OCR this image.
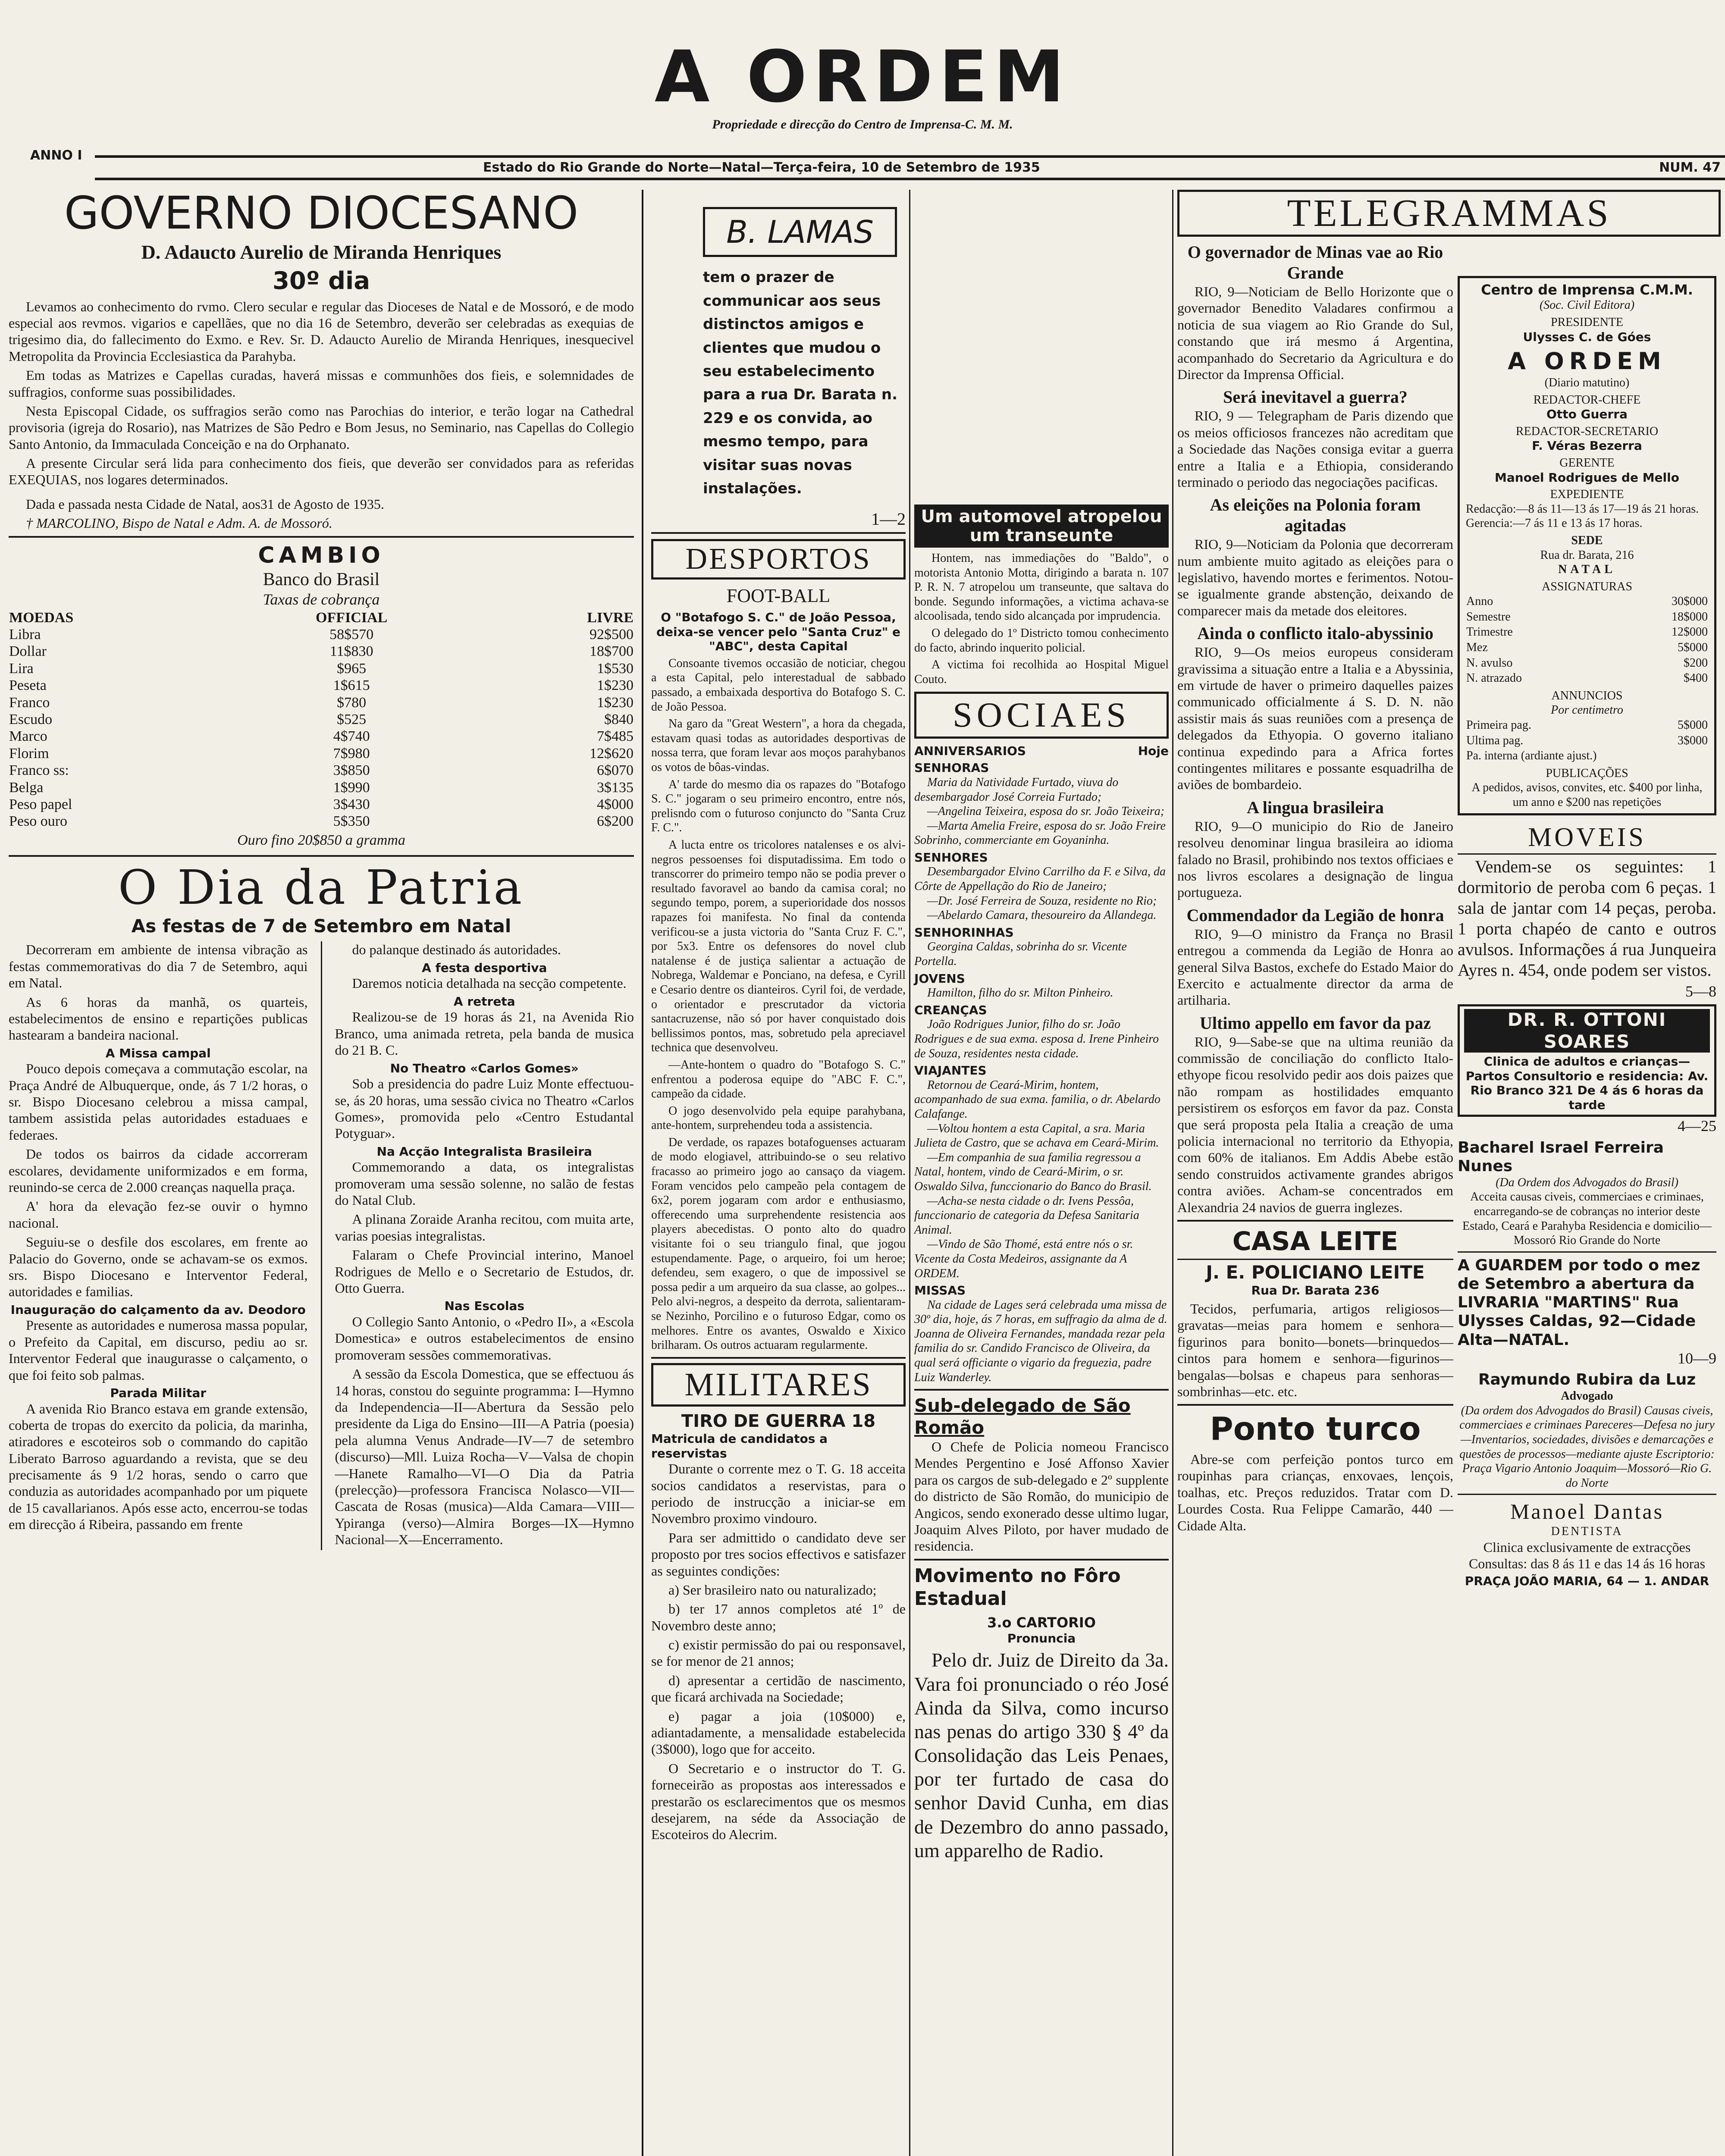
A ORDEM
Propriedade e direcção do Centro de Imprensa-C. M. M.
ANNO I
Estado do Rio Grande do Norte—Natal—Terça-feira, 10 de Setembro de 1935	NUM. 47
GOVERNO DIOCESANO
D. Adaucto Aurelio de Miranda Henriques
30º dia

Levamos ao conhecimento do rvmo. Clero secular e regular das Dioceses de Natal e de Mossoró, e de modo especial aos revmos. vigarios e capellães, que no dia 16 de Setembro, deverão ser celebradas as exequias de trigesimo dia, do fallecimento do Exmo. e Rev. Sr. D. Adaucto Aurelio de Miranda Henriques, inesquecivel Metropolita da Provincia Ecclesiastica da Parahyba.

Em todas as Matrizes e Capellas curadas, haverá missas e communhões dos fieis, e solemnidades de suffragios, conforme suas possibilidades.

Nesta Episcopal Cidade, os suffragios serão como nas Parochias do interior, e terão logar na Cathedral provisoria (igreja do Rosario), nas Matrizes de São Pedro e Bom Jesus, no Seminario, nas Capellas do Collegio Santo Antonio, da Immaculada Conceição e na do Orphanato.

A presente Circular será lida para conhecimento dos fieis, que deverão ser convidados para as referidas EXEQUIAS, nos logares determinados.

Dada e passada nesta Cidade de Natal, aos31 de Agosto de 1935.

† MARCOLINO, Bispo de Natal e Adm. A. de Mossoró.

CAMBIO
Banco do Brasil
Taxas de cobrança
MOEDAS	OFFICIAL	LIVRE
Libra	58$570	92$500
Dollar	11$830	18$700
Lira	$965	1$530
Peseta	1$615	1$230
Franco	$780	1$230
Escudo	$525	$840
Marco	4$740	7$485
Florim	7$980	12$620
Franco ss:	3$850	6$070
Belga	1$990	3$135
Peso papel	3$430	4$000
Peso ouro	5$350	6$200
Ouro fino 20$850 a gramma
O Dia da Patria
As festas de 7 de Setembro em Natal

Decorreram em ambiente de intensa vibração as festas commemorativas do dia 7 de Setembro, aqui em Natal.

As 6 horas da manhã, os quarteis, estabelecimentos de ensino e repartições publicas hastearam a bandeira nacional.

A Missa campal

Pouco depois começava a commutação escolar, na Praça André de Albuquerque, onde, ás 7 1/2 horas, o sr. Bispo Diocesano celebrou a missa campal, tambem assistida pelas autoridades estaduaes e federaes.

De todos os bairros da cidade accorreram escolares, devidamente uniformizados e em forma, reunindo-se cerca de 2.000 creanças naquella praça.

A' hora da elevação fez-se ouvir o hymno nacional.

Seguiu-se o desfile dos escolares, em frente ao Palacio do Governo, onde se achavam-se os exmos. srs. Bispo Diocesano e Interventor Federal, autoridades e familias.

Inauguração do calçamento da av. Deodoro

Presente as autoridades e numerosa massa popular, o Prefeito da Capital, em discurso, pediu ao sr. Interventor Federal que inaugurasse o calçamento, o que foi feito sob palmas.

Parada Militar

A avenida Rio Branco estava em grande extensão, coberta de tropas do exercito da policia, da marinha, atiradores e escoteiros sob o commando do capitão Liberato Barroso aguardando a revista, que se deu precisamente ás 9 1/2 horas, sendo o carro que conduzia as autoridades acompanhado por um piquete de 15 cavallarianos. Após esse acto, encerrou-se todas em direcção á Ribeira, passando em frente

do palanque destinado ás autoridades.

A festa desportiva

Daremos noticia detalhada na secção competente.

A retreta

Realizou-se de 19 horas ás 21, na Avenida Rio Branco, uma animada retreta, pela banda de musica do 21 B. C.

No Theatro «Carlos Gomes»

Sob a presidencia do padre Luiz Monte effectuou-se, ás 20 horas, uma sessão civica no Theatro «Carlos Gomes», promovida pelo «Centro Estudantal Potyguar».

Na Acção Integralista Brasileira

Commemorando a data, os integralistas promoveram uma sessão solenne, no salão de festas do Natal Club.

A plinana Zoraide Aranha recitou, com muita arte, varias poesias integralistas.

Falaram o Chefe Provincial interino, Manoel Rodrigues de Mello e o Secretario de Estudos, dr. Otto Guerra.

Nas Escolas

O Collegio Santo Antonio, o «Pedro II», a «Escola Domestica» e outros estabelecimentos de ensino promoveram sessões commemorativas.

A sessão da Escola Domestica, que se effectuou ás 14 horas, constou do seguinte programma: I—Hymno da Independencia—II—Abertura da Sessão pelo presidente da Liga do Ensino—III—A Patria (poesia) pela alumna Venus Andrade—IV—7 de setembro (discurso)—Mll. Luiza Rocha—V—Valsa de chopin—Hanete Ramalho—VI—O Dia da Patria (prelecção)—professora Francisca Nolasco—VII—Cascata de Rosas (musica)—Alda Camara—VIII—Ypiranga (verso)—Almira Borges—IX—Hymno Nacional—X—Encerramento.

B. LAMAS
tem o prazer de communicar aos seus distinctos amigos e clientes que mudou o seu estabelecimento para a rua Dr. Barata n. 229 e os convida, ao mesmo tempo, para visitar suas novas instalações.
1—2
DESPORTOS
FOOT-BALL
O "Botafogo S. C." de João Pessoa, deixa-se vencer pelo "Santa Cruz" e "ABC", desta Capital

Consoante tivemos occasião de noticiar, chegou a esta Capital, pelo interestadual de sabbado passado, a embaixada desportiva do Botafogo S. C. de João Pessoa.

Na garo da "Great Western", a hora da chegada, estavam quasi todas as autoridades desportivas de nossa terra, que foram levar aos moços parahybanos os votos de bôas-vindas.

A' tarde do mesmo dia os rapazes do "Botafogo S. C." jogaram o seu primeiro encontro, entre nós, prelisndo com o futuroso conjuncto do "Santa Cruz F. C.".

A lucta entre os tricolores natalenses e os alvi-negros pessoenses foi disputadissima. Em todo o transcorrer do primeiro tempo não se podia prever o resultado favoravel ao bando da camisa coral; no segundo tempo, porem, a superioridade dos nossos rapazes foi manifesta. No final da contenda verificou-se a justa victoria do "Santa Cruz F. C.", por 5x3. Entre os defensores do novel club natalense é de justiça salientar a actuação de Nobrega, Waldemar e Ponciano, na defesa, e Cyrill e Cesario dentre os dianteiros. Cyril foi, de verdade, o orientador e prescrutador da victoria santacruzense, não só por haver conquistado dois bellissimos pontos, mas, sobretudo pela apreciavel technica que desenvolveu.

—Ante-hontem o quadro do "Botafogo S. C." enfrentou a poderosa equipe do "ABC F. C.", campeão da cidade.

O jogo desenvolvido pela equipe parahybana, ante-hontem, surprehendeu toda a assistencia.

De verdade, os rapazes botafoguenses actuaram de modo elogiavel, attribuindo-se o seu relativo fracasso ao primeiro jogo ao cansaço da viagem. Foram vencidos pelo campeão pela contagem de 6x2, porem jogaram com ardor e enthusiasmo, offerecendo uma surprehendente resistencia aos players abecedistas. O ponto alto do quadro visitante foi o seu triangulo final, que jogou estupendamente. Page, o arqueiro, foi um heroe; defendeu, sem exagero, o que de impossivel se possa pedir a um arqueiro da sua classe, ao golpes... Pelo alvi-negros, a despeito da derrota, salientaram-se Nezinho, Porcilino e o futuroso Edgar, como os melhores. Entre os avantes, Oswaldo e Xixico brilharam. Os outros actuaram regularmente.

MILITARES
TIRO DE GUERRA 18
Matricula de candidatos a reservistas

Durante o corrente mez o T. G. 18 acceita socios candidatos a reservistas, para o periodo de instrucção a iniciar-se em Novembro proximo vindouro.

Para ser admittido o candidato deve ser proposto por tres socios effectivos e satisfazer as seguintes condições:

a) Ser brasileiro nato ou naturalizado;

b) ter 17 annos completos até 1º de Novembro deste anno;

c) existir permissão do pai ou responsavel, se for menor de 21 annos;

d) apresentar a certidão de nascimento, que ficará archivada na Sociedade;

e) pagar a joia (10$000) e, adiantadamente, a mensalidade estabelecida (3$000), logo que for acceito.

O Secretario e o instructor do T. G. forneceirão as propostas aos interessados e prestarão os esclarecimentos que os mesmos desejarem, na séde da Associação de Escoteiros do Alecrim.

Um automovel atropelou um transeunte

Hontem, nas immediações do "Baldo", o motorista Antonio Motta, dirigindo a barata n. 107 P. R. N. 7 atropelou um transeunte, que saltava do bonde. Segundo informações, a victima achava-se alcoolisada, tendo sido alcançada por imprudencia.

O delegado do 1º Districto tomou conhecimento do facto, abrindo inquerito policial.

A victima foi recolhida ao Hospital Miguel Couto.

SOCIAES
ANNIVERSARIOS	Hoje
SENHORAS
Maria da Natividade Furtado, viuva do desembargador José Correia Furtado;
—Angelina Teixeira, esposa do sr. João Teixeira;
—Marta Amelia Freire, esposa do sr. João Freire Sobrinho, commerciante em Goyaninha.
SENHORES
Desembargador Elvino Carrilho da F. e Silva, da Côrte de Appellação do Rio de Janeiro;
—Dr. José Ferreira de Souza, residente no Rio;
—Abelardo Camara, thesoureiro da Allandega.
SENHORINHAS
Georgina Caldas, sobrinha do sr. Vicente Portella.
JOVENS
Hamilton, filho do sr. Milton Pinheiro.
CREANÇAS
João Rodrigues Junior, filho do sr. João Rodrigues e de sua exma. esposa d. Irene Pinheiro de Souza, residentes nesta cidade.
VIAJANTES
Retornou de Ceará-Mirim, hontem, acompanhado de sua exma. familia, o dr. Abelardo Calafange.
—Voltou hontem a esta Capital, a sra. Maria Julieta de Castro, que se achava em Ceará-Mirim.
—Em companhia de sua familia regressou a Natal, hontem, vindo de Ceará-Mirim, o sr. Oswaldo Silva, funccionario do Banco do Brasil.
—Acha-se nesta cidade o dr. Ivens Pessôa, funccionario de categoria da Defesa Sanitaria Animal.
—Vindo de São Thomé, está entre nós o sr. Vicente da Costa Medeiros, assignante da A ORDEM.
MISSAS
Na cidade de Lages será celebrada uma missa de 30º dia, hoje, ás 7 horas, em suffragio da alma de d. Joanna de Oliveira Fernandes, mandada rezar pela familia do sr. Candido Francisco de Oliveira, da qual será officiante o vigario da freguezia, padre Luiz Wanderley.
Sub-delegado de São Romão

O Chefe de Policia nomeou Francisco Mendes Pergentino e José Affonso Xavier para os cargos de sub-delegado e 2º supplente do districto de São Romão, do municipio de Angicos, sendo exonerado desse ultimo lugar, Joaquim Alves Piloto, por haver mudado de residencia.

Movimento no Fôro Estadual
3.o CARTORIO
Pronuncia

Pelo dr. Juiz de Direito da 3a. Vara foi pronunciado o réo José Ainda da Silva, como incurso nas penas do artigo 330 § 4º da Consolidação das Leis Penaes, por ter furtado de casa do senhor David Cunha, em dias de Dezembro do anno passado, um apparelho de Radio.

TELEGRAMMAS
O governador de Minas vae ao Rio Grande

RIO, 9—Noticiam de Bello Horizonte que o governador Benedito Valadares confirmou a noticia de sua viagem ao Rio Grande do Sul, constando que irá mesmo á Argentina, acompanhado do Secretario da Agricultura e do Director da Imprensa Official.

Será inevitavel a guerra?

RIO, 9 — Telegrapham de Paris dizendo que os meios officiosos francezes não acreditam que a Sociedade das Nações consiga evitar a guerra entre a Italia e a Ethiopia, considerando terminado o periodo das negociações pacificas.

As eleições na Polonia foram agitadas

RIO, 9—Noticiam da Polonia que decorreram num ambiente muito agitado as eleições para o legislativo, havendo mortes e ferimentos. Notou-se igualmente grande abstenção, deixando de comparecer mais da metade dos eleitores.

Ainda o conflicto italo-abyssinio

RIO, 9—Os meios europeus consideram gravissima a situação entre a Italia e a Abyssinia, em virtude de haver o primeiro daquelles paizes communicado officialmente á S. D. N. não assistir mais ás suas reuniões com a presença de delegados da Ethyopia. O governo italiano continua expedindo para a Africa fortes contingentes militares e possante esquadrilha de aviões de bombardeio.

A lingua brasileira

RIO, 9—O municipio do Rio de Janeiro resolveu denominar lingua brasileira ao idioma falado no Brasil, prohibindo nos textos officiaes e nos livros escolares a designação de lingua portugueza.

Commendador da Legião de honra

RIO, 9—O ministro da França no Brasil entregou a commenda da Legião de Honra ao general Silva Bastos, exchefe do Estado Maior do Exercito e actualmente director da arma de artilharia.

Ultimo appello em favor da paz

RIO, 9—Sabe-se que na ultima reunião da commissão de conciliação do conflicto Italo-ethyope ficou resolvido pedir aos dois paizes que não rompam as hostilidades emquanto persistirem os esforços em favor da paz. Consta que será proposta pela Italia a creação de uma policia internacional no territorio da Ethyopia, com 60% de italianos. Em Addis Abebe estão sendo construidos activamente grandes abrigos contra aviões. Acham-se concentrados em Alexandria 24 navios de guerra inglezes.

CASA LEITE
J. E. POLICIANO LEITE
Rua Dr. Barata 236

Tecidos, perfumaria, artigos religiosos—gravatas—meias para homem e senhora—figurinos para bonito—bonets—brinquedos—cintos para homem e senhora—figurinos—bengalas—bolsas e chapeus para senhoras—sombrinhas—etc. etc.

Ponto turco

Abre-se com perfeição pontos turco em roupinhas para crianças, enxovaes, lençois, toalhas, etc. Preços reduzidos. Tratar com D. Lourdes Costa. Rua Felippe Camarão, 440 —Cidade Alta.

Centro de Imprensa C.M.M.
(Soc. Civil Editora)
PRESIDENTE
Ulysses C. de Góes
A ORDEM
(Diario matutino)
REDACTOR-CHEFE
Otto Guerra
REDACTOR-SECRETARIO
F. Véras Bezerra
GERENTE
Manoel Rodrigues de Mello
EXPEDIENTE
Redacção:—8 ás 11—13 ás 17—19 ás 21 horas. Gerencia:—7 ás 11 e 13 ás 17 horas.
SEDE
Rua dr. Barata, 216
NATAL
ASSIGNATURAS
Anno	30$000
Semestre	18$000
Trimestre	12$000
Mez	5$000
N. avulso	$200
N. atrazado	$400
ANNUNCIOS
Por centimetro
Primeira pag.	5$000
Ultima pag.	3$000
Pa. interna (ardiante ajust.)	
PUBLICAÇÕES
A pedidos, avisos, convites, etc. $400 por linha, um anno e $200 nas repetições
MOVEIS

Vendem-se os seguintes: 1 dormitorio de peroba com 6 peças. 1 sala de jantar com 14 peças, peroba. 1 porta chapéo de canto e outros avulsos. Informações á rua Junqueira Ayres n. 454, onde podem ser vistos.

5—8
DR. R. OTTONI SOARES
Clinica de adultos e crianças—Partos Consultorio e residencia: Av. Rio Branco 321 De 4 ás 6 horas da tarde
4—25
Bacharel Israel Ferreira Nunes
(Da Ordem dos Advogados do Brasil)
Acceita causas civeis, commerciaes e criminaes, encarregando-se de cobranças no interior deste Estado, Ceará e Parahyba Residencia e domicilio—Mossoró Rio Grande do Norte
A GUARDEM por todo o mez de Setembro a abertura da LIVRARIA "MARTINS" Rua Ulysses Caldas, 92—Cidade Alta—NATAL.
10—9
Raymundo Rubira da Luz
Advogado
(Da ordem dos Advogados do Brasil) Causas civeis, commerciaes e criminaes Pareceres—Defesa no jury—Inventarios, sociedades, divisões e demarcações e questões de processos—mediante ajuste Escriptorio: Praça Vigario Antonio Joaquim—Mossoró—Rio G. do Norte
Manoel Dantas
DENTISTA
Clinica exclusivamente de extracções Consultas: das 8 ás 11 e das 14 ás 16 horas
PRAÇA JOÃO MARIA, 64 — 1. ANDAR
